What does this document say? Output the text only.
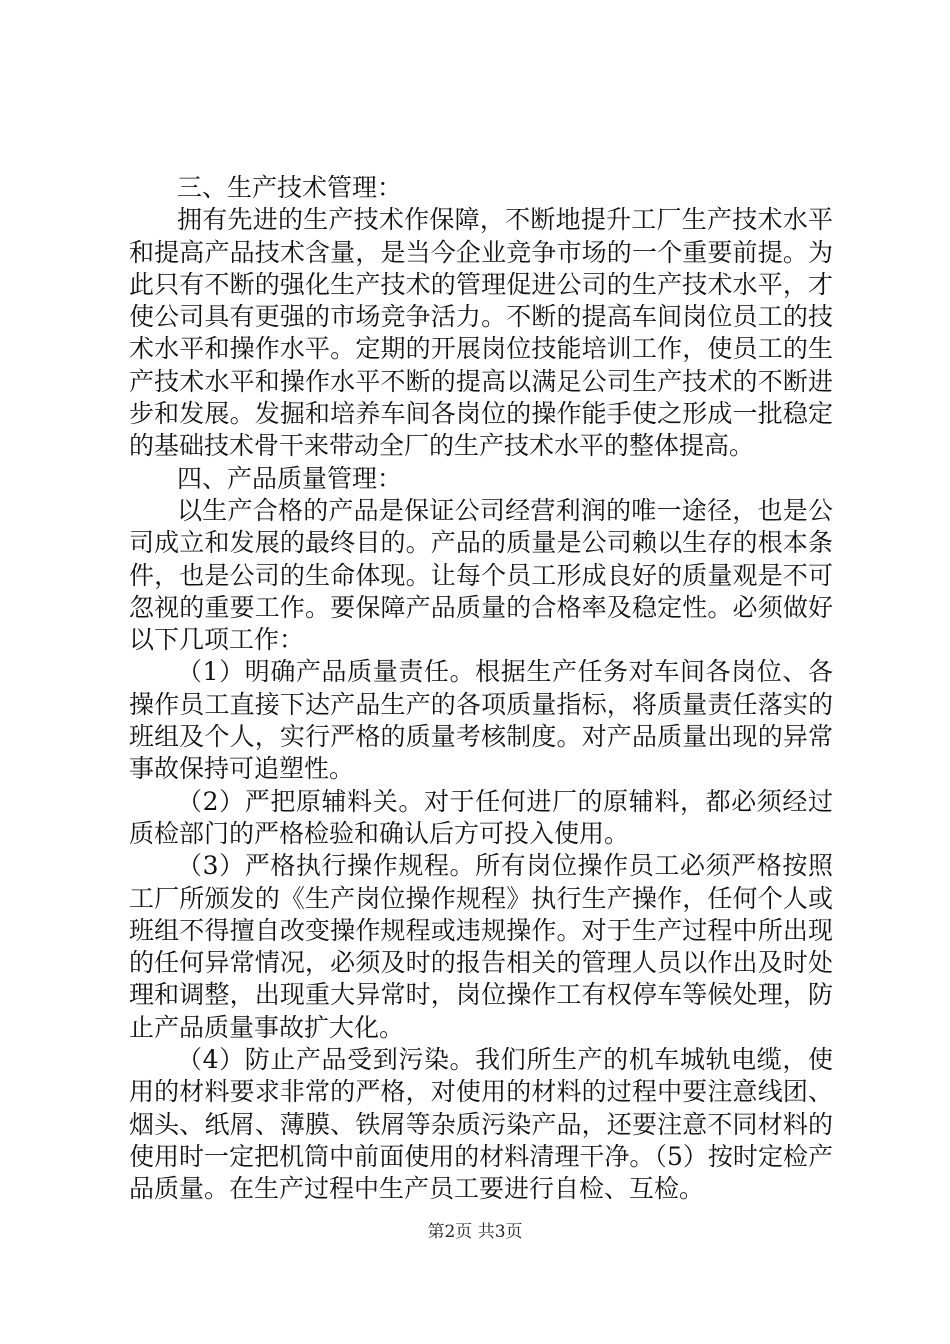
三、生产技术管理：

拥有先进的生产技术作保障，不断地提升工厂生产技术水平和提高产品技术含量，是当今企业竞争市场的一个重要前提。为此只有不断的强化生产技术的管理促进公司的生产技术水平，才使公司具有更强的市场竞争活力。不断的提高车间岗位员工的技术水平和操作水平。定期的开展岗位技能培训工作，使员工的生产技术水平和操作水平不断的提高以满足公司生产技术的不断进步和发展。发掘和培养车间各岗位的操作能手使之形成一批稳定的基础技术骨干来带动全厂的生产技术水平的整体提高。

四、产品质量管理：

以生产合格的产品是保证公司经营利润的唯一途径，也是公司成立和发展的最终目的。产品的质量是公司赖以生存的根本条件，也是公司的生命体现。让每个员工形成良好的质量观是不可忽视的重要工作。要保障产品质量的合格率及稳定性。必须做好以下几项工作：

（1）明确产品质量责任。根据生产任务对车间各岗位、各操作员工直接下达产品生产的各项质量指标，将质量责任落实的班组及个人，实行严格的质量考核制度。对产品质量出现的异常事故保持可追塑性。

（2）严把原辅料关。对于任何进厂的原辅料，都必须经过质检部门的严格检验和确认后方可投入使用。

（3）严格执行操作规程。所有岗位操作员工必须严格按照工厂所颁发的《生产岗位操作规程》执行生产操作，任何个人或班组不得擅自改变操作规程或违规操作。对于生产过程中所出现的任何异常情况，必须及时的报告相关的管理人员以作出及时处理和调整，出现重大异常时，岗位操作工有权停车等候处理，防止产品质量事故扩大化。

（4）防止产品受到污染。我们所生产的机车城轨电缆，使用的材料要求非常的严格，对使用的材料的过程中要注意线团、烟头、纸屑、薄膜、铁屑等杂质污染产品，还要注意不同材料的使用时一定把机筒中前面使用的材料清理干净。（5）按时定检产品质量。在生产过程中生产员工要进行自检、互检。

第2页 共3页
